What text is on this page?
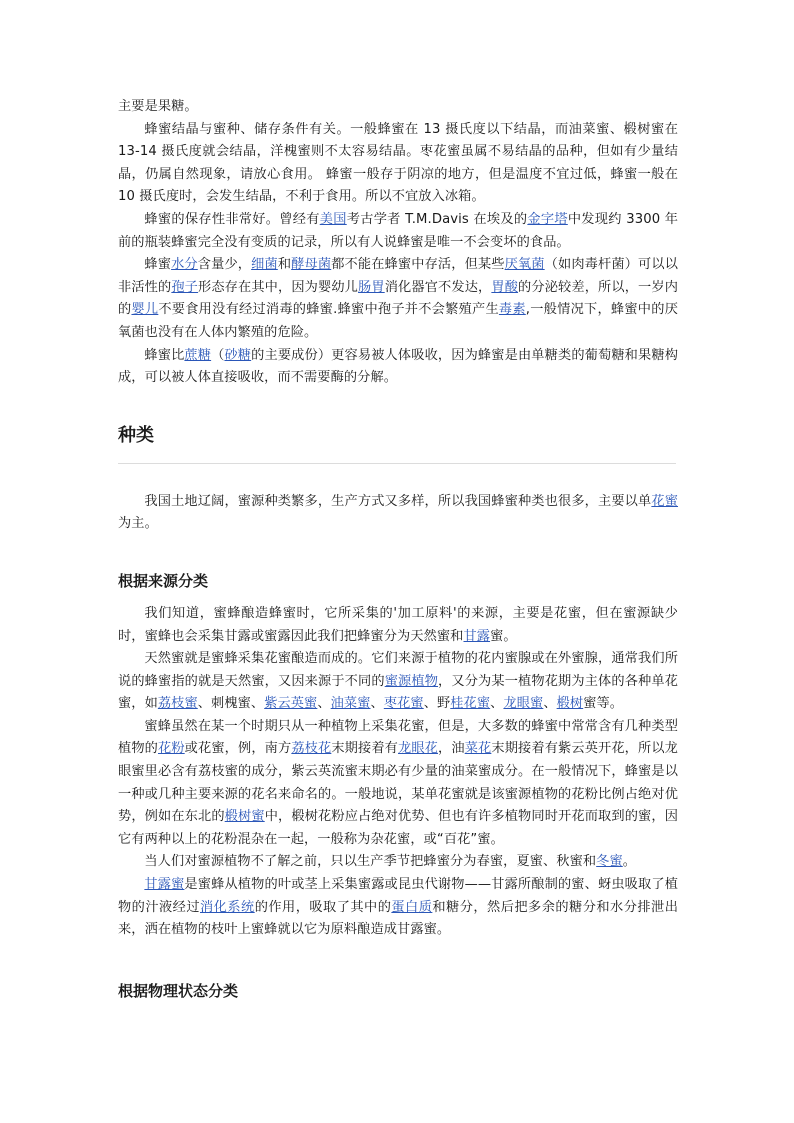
主要是果糖。

蜂蜜结晶与蜜种、储存条件有关。一般蜂蜜在 13 摄氏度以下结晶，而油菜蜜、椴树蜜在 13-14 摄氏度就会结晶，洋槐蜜则不太容易结晶。枣花蜜虽属不易结晶的品种，但如有少量结晶，仍属自然现象，请放心食用。 蜂蜜一般存于阴凉的地方，但是温度不宜过低，蜂蜜一般在 10 摄氏度时，会发生结晶，不利于食用。所以不宜放入冰箱。

蜂蜜的保存性非常好。曾经有美国考古学者 T.M.Davis 在埃及的金字塔中发现约 3300 年前的瓶装蜂蜜完全没有变质的记录，所以有人说蜂蜜是唯一不会变坏的食品。

蜂蜜水分含量少，细菌和酵母菌都不能在蜂蜜中存活，但某些厌氧菌（如肉毒杆菌）可以以非活性的孢子形态存在其中，因为婴幼儿肠胃消化器官不发达，胃酸的分泌较差，所以，一岁内的婴儿不要食用没有经过消毒的蜂蜜.蜂蜜中孢子并不会繁殖产生毒素,一般情况下，蜂蜜中的厌氧菌也没有在人体内繁殖的危险。

蜂蜜比蔗糖（砂糖的主要成份）更容易被人体吸收，因为蜂蜜是由单糖类的葡萄糖和果糖构成，可以被人体直接吸收，而不需要酶的分解。

种类

我国土地辽阔，蜜源种类繁多，生产方式又多样，所以我国蜂蜜种类也很多，主要以单花蜜为主。

根据来源分类

我们知道，蜜蜂酿造蜂蜜时，它所采集的'加工原料'的来源，主要是花蜜，但在蜜源缺少时，蜜蜂也会采集甘露或蜜露因此我们把蜂蜜分为天然蜜和甘露蜜。

天然蜜就是蜜蜂采集花蜜酿造而成的。它们来源于植物的花内蜜腺或在外蜜腺，通常我们所说的蜂蜜指的就是天然蜜，又因来源于不同的蜜源植物，又分为某一植物花期为主体的各种单花蜜，如荔枝蜜、刺槐蜜、紫云英蜜、油菜蜜、枣花蜜、野桂花蜜、龙眼蜜、椴树蜜等。

蜜蜂虽然在某一个时期只从一种植物上采集花蜜，但是，大多数的蜂蜜中常常含有几种类型植物的花粉或花蜜，例，南方荔枝花末期接着有龙眼花，油菜花末期接着有紫云英开花，所以龙眼蜜里必含有荔枝蜜的成分，紫云英流蜜末期必有少量的油菜蜜成分。在一般情况下，蜂蜜是以一种或几种主要来源的花名来命名的。一般地说，某单花蜜就是该蜜源植物的花粉比例占绝对优势，例如在东北的椴树蜜中，椴树花粉应占绝对优势、但也有许多植物同时开花而取到的蜜，因它有两种以上的花粉混杂在一起，一般称为杂花蜜，或“百花”蜜。

当人们对蜜源植物不了解之前，只以生产季节把蜂蜜分为春蜜，夏蜜、秋蜜和冬蜜。

甘露蜜是蜜蜂从植物的叶或茎上采集蜜露或昆虫代谢物——甘露所酿制的蜜、蚜虫吸取了植物的汁液经过消化系统的作用，吸取了其中的蛋白质和糖分，然后把多余的糖分和水分排泄出来，洒在植物的枝叶上蜜蜂就以它为原料酿造成甘露蜜。

根据物理状态分类
